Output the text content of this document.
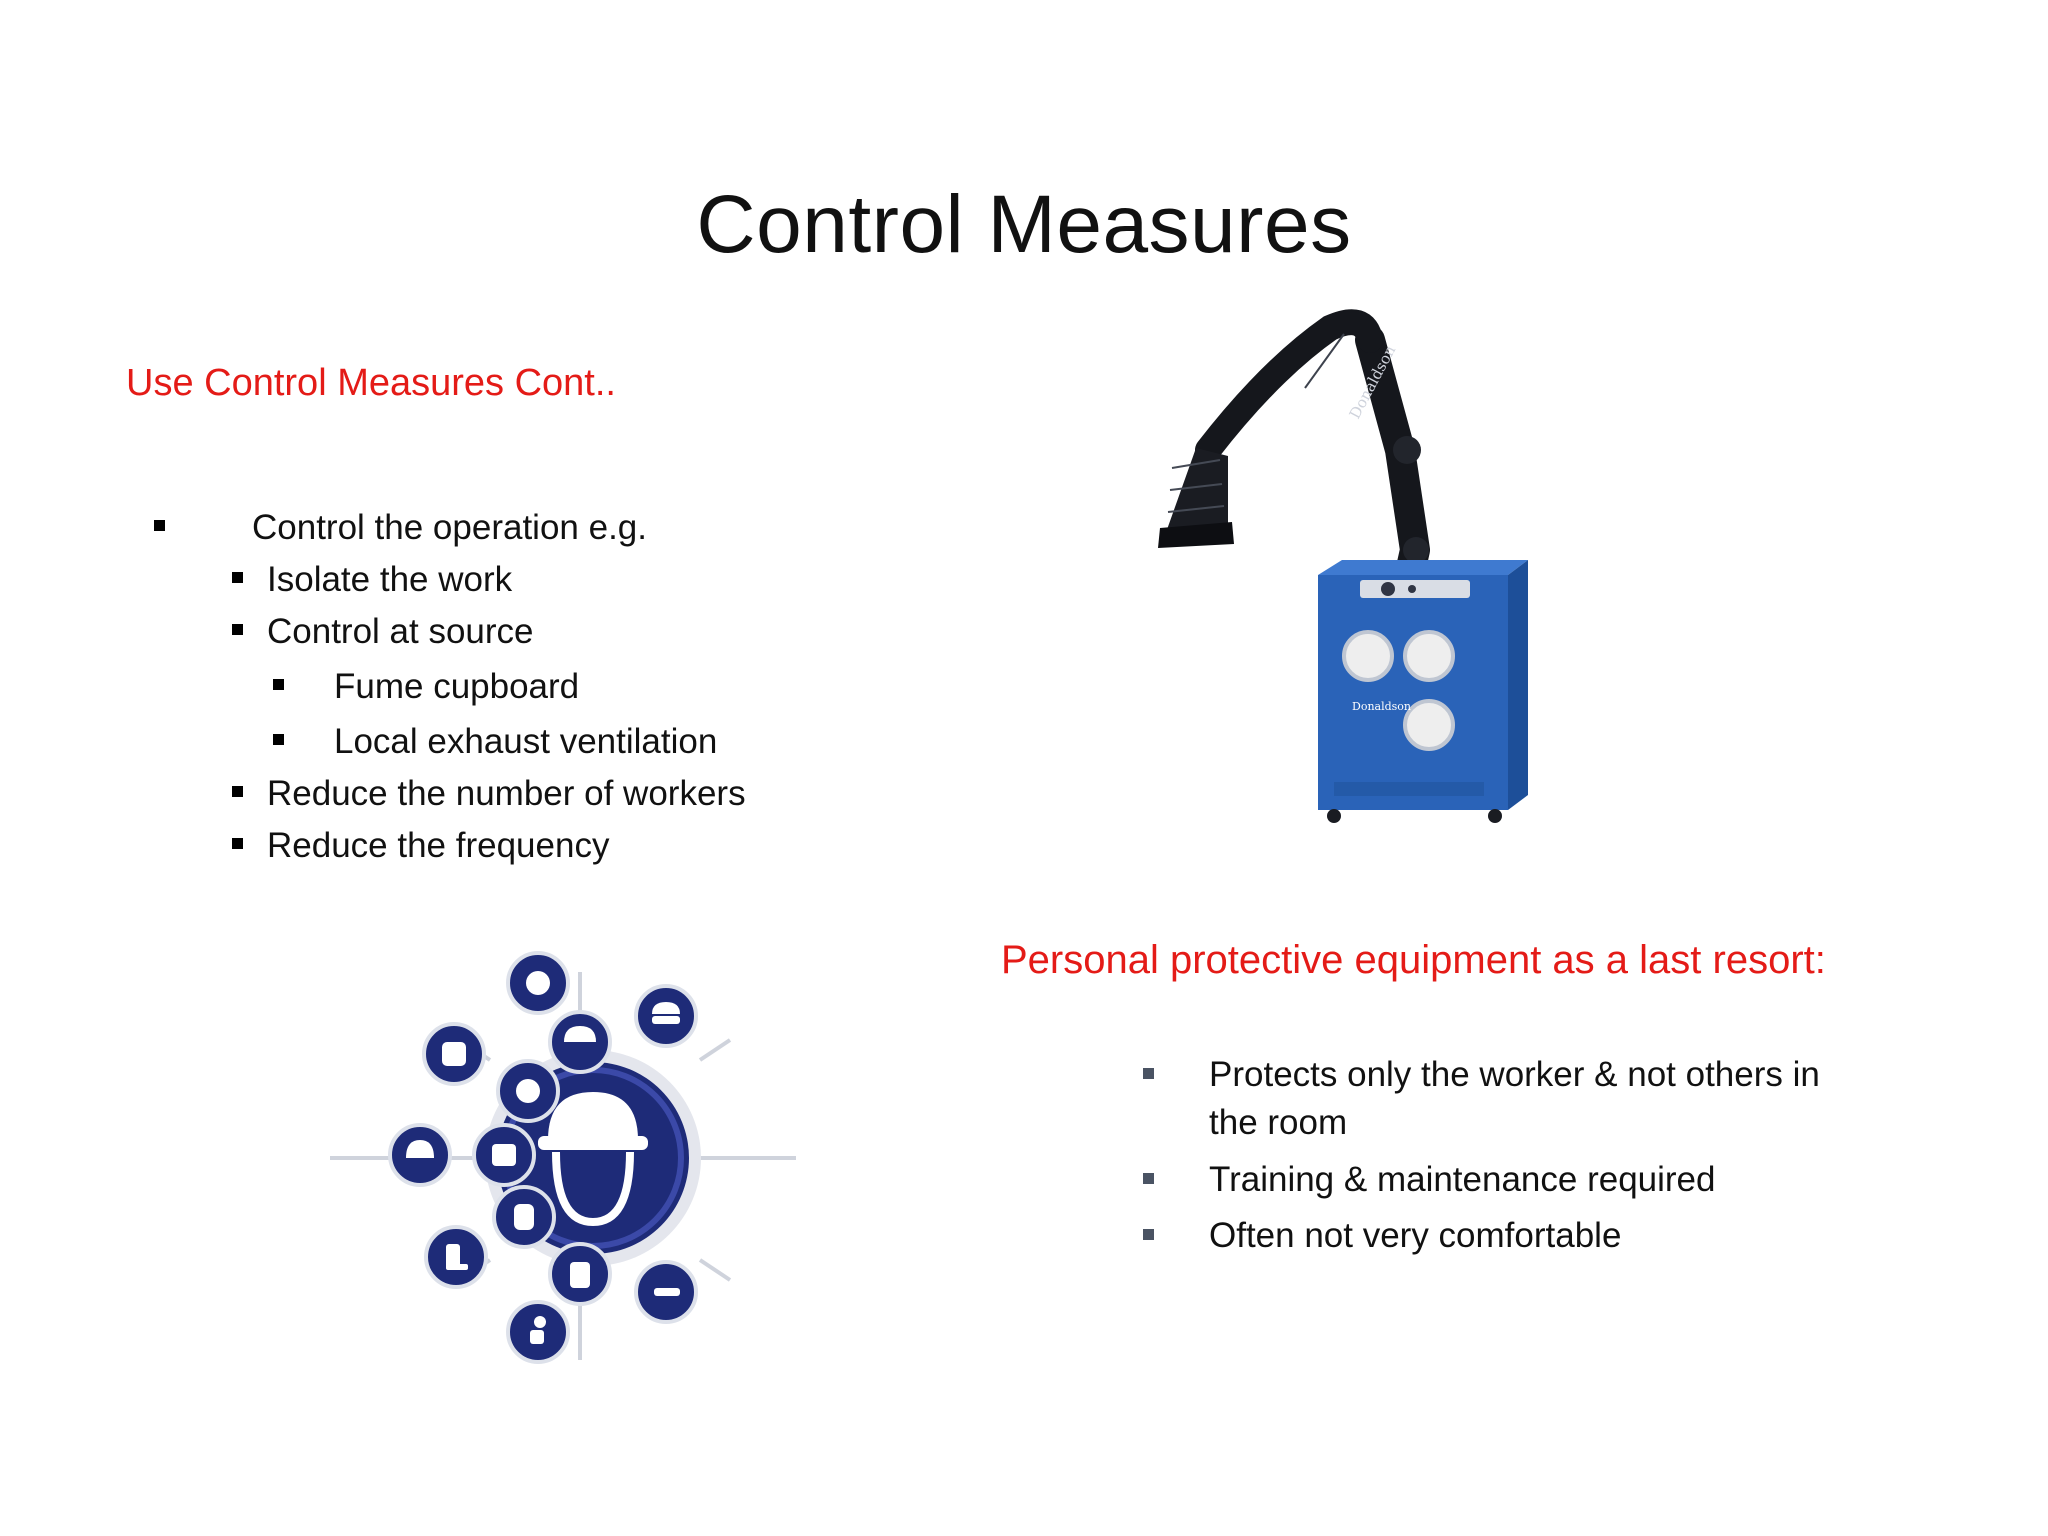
Control Measures
Use Control Measures Cont..
Control the operation e.g.
Isolate the work
Control at source
Fume cupboard
Local exhaust ventilation
Reduce the number of workers
Reduce the frequency
Donaldson
Donaldson
Personal protective equipment as a last resort:
Protects only the worker & not others in
the room
Training & maintenance required
Often not very comfortable
